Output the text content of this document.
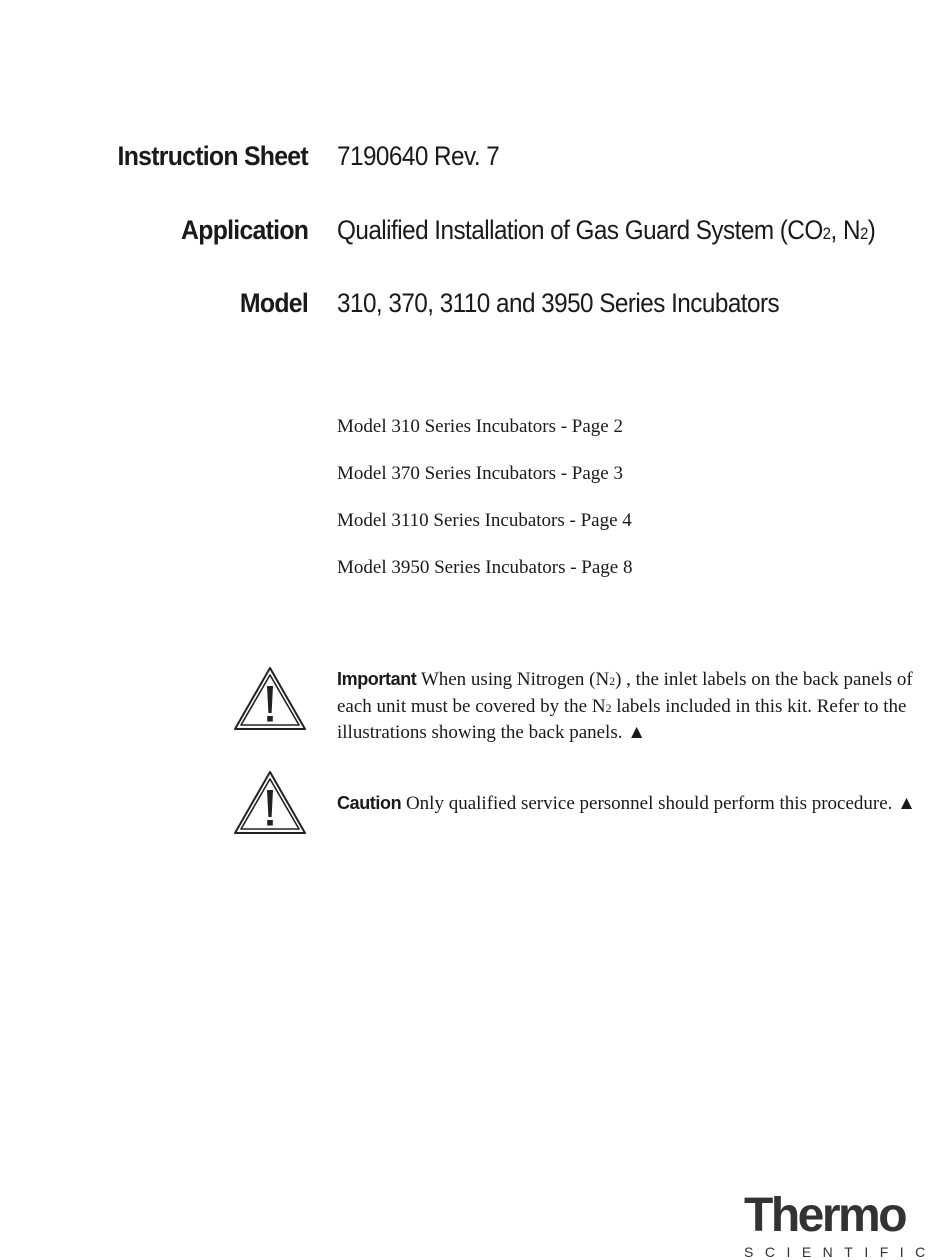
Instruction Sheet 7190640 Rev. 7
Application Qualified Installation of Gas Guard System (CO2, N2)
Model 310, 370, 3110 and 3950 Series Incubators
Model 310 Series Incubators - Page 2
Model 370 Series Incubators - Page 3
Model 3110 Series Incubators - Page 4
Model 3950 Series Incubators - Page 8
Important When using Nitrogen (N2) , the inlet labels on the back panels of each unit must be covered by the N2 labels included in this kit. Refer to the illustrations showing the back panels. ▲
Caution Only qualified service personnel should perform this procedure. ▲
Thermo
SCIENTIFIC
